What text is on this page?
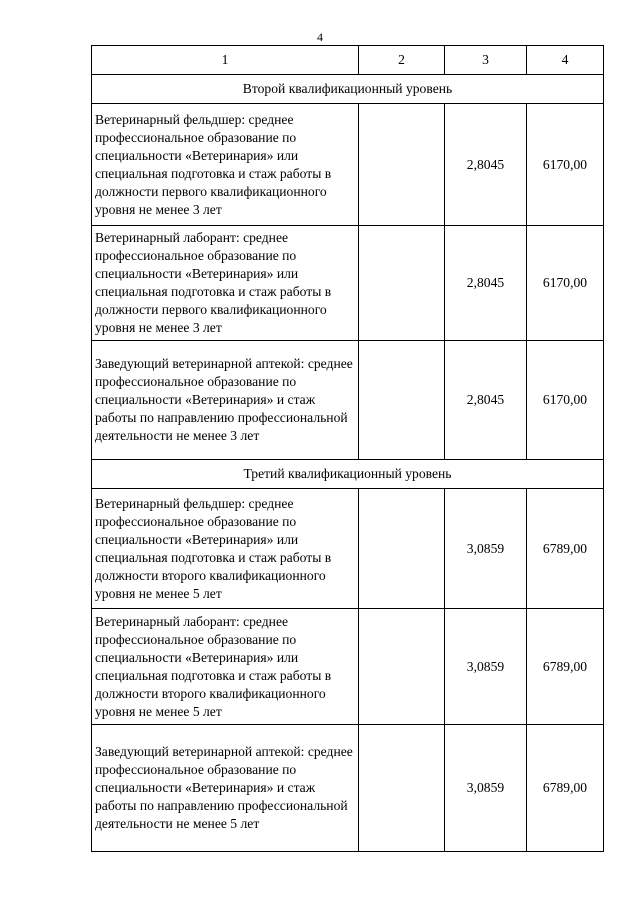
4
1	2	3	4
Второй квалификационный уровень			
Ветеринарный фельдшер: среднее профессиональное образование по специальности «Ветеринария» или специальная подготовка и стаж работы в должности первого квалификационного уровня не менее 3 лет		2,8045	6170,00
Ветеринарный лаборант: среднее профессиональное образование по специальности «Ветеринария» или специальная подготовка и стаж работы в должности первого квалификационного уровня не менее 3 лет		2,8045	6170,00
Заведующий ветеринарной аптекой: среднее профессиональное образование по специальности «Ветеринария» и стаж работы по направлению профессиональной деятельности не менее 3 лет		2,8045	6170,00
Третий квалификационный уровень			
Ветеринарный фельдшер: среднее профессиональное образование по специальности «Ветеринария» или специальная подготовка и стаж работы в должности второго квалификационного уровня не менее 5 лет		3,0859	6789,00
Ветеринарный лаборант: среднее профессиональное образование по специальности «Ветеринария» или специальная подготовка и стаж работы в должности второго квалификационного уровня не менее 5 лет		3,0859	6789,00
Заведующий ветеринарной аптекой: среднее профессиональное образование по специальности «Ветеринария» и стаж работы по направлению профессиональной деятельности не менее 5 лет		3,0859	6789,00
